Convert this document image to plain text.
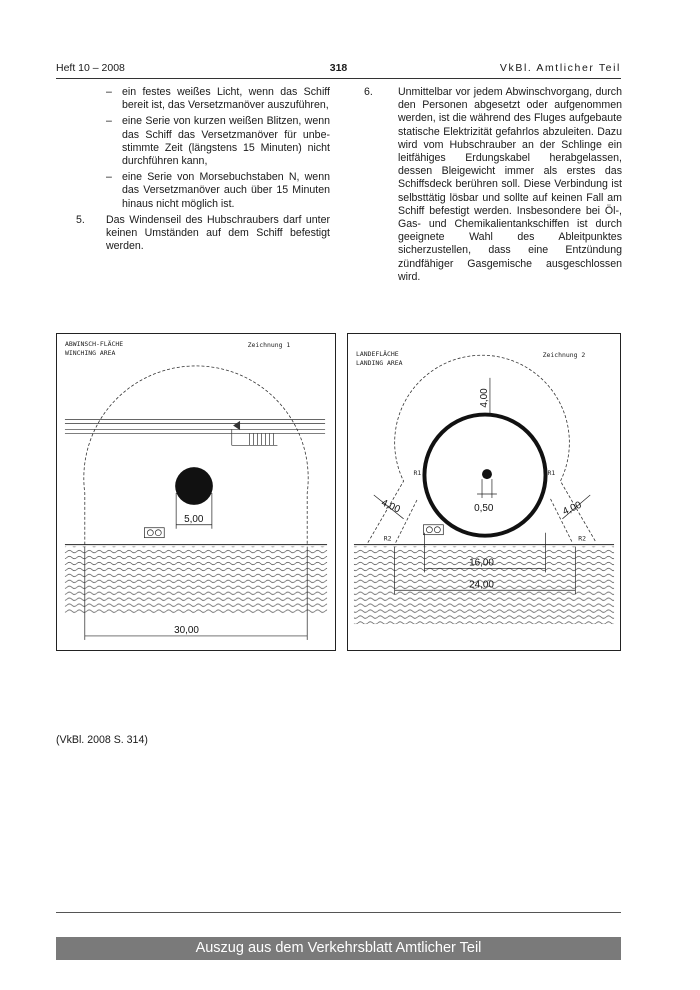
Heft 10 – 2008	318	VkBl. Amtlicher Teil
– ein festes weißes Licht, wenn das Schiff bereit ist, das Versetzmanöver auszuführen,
– eine Serie von kurzen weißen Blitzen, wenn das Schiff das Versetzmanöver für unbestimmte Zeit (längstens 15 Minuten) nicht durchführen kann,
– eine Serie von Morsebuchstaben N, wenn das Versetzmanöver auch über 15 Minuten hinaus nicht möglich ist.
5. Das Windenseil des Hubschraubers darf unter keinen Umständen auf dem Schiff befestigt werden.
6. Unmittelbar vor jedem Abwinschvorgang, durch den Personen abgesetzt oder aufgenommen werden, ist die während des Fluges aufgebaute statische Elektrizität gefahrlos abzuleiten. Dazu wird vom Hubschrauber an der Schlinge ein leitfähiges Erdungskabel herabgelassen, dessen Bleigewicht immer als erstes das Schiffsdeck berühren soll. Diese Verbindung ist selbsttätig lösbar und sollte auf keinen Fall am Schiff befestigt werden. Insbesondere bei Öl-, Gas- und Chemikalientankschiffen ist durch geeignete Wahl des Ableitpunktes sicherzustellen, dass eine Entzündung zündfähiger Gasgemische ausgeschlossen wird.
ABWINSCH-FLÄCHE
WINCHING AREA
Zeichnung 1
5,00
30,00
LANDEFLÄCHE
LANDING AREA
Zeichnung 2
4,00
0,50
R1	R1
4,00	4,00
R2	R2
16,00
24,00
(VkBl. 2008 S. 314)
Auszug aus dem Verkehrsblatt Amtlicher Teil
